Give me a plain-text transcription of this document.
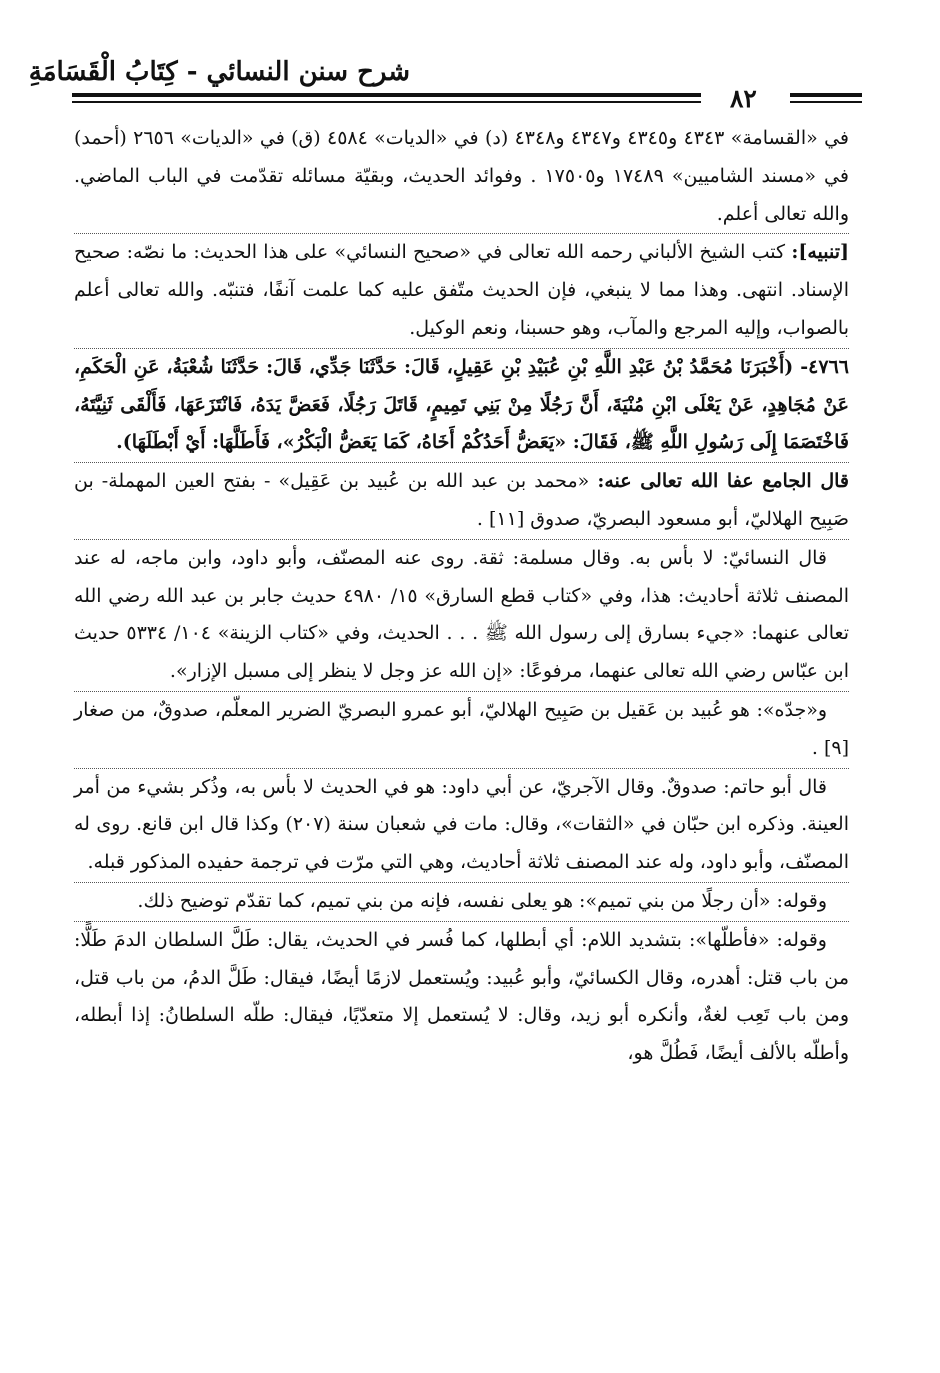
شرح سنن النسائي - كِتَابُ الْقَسَامَةِ
٨٢

في «القسامة» ٤٣٤٣ و٤٣٤٥ و٤٣٤٧ و٤٣٤٨ (د) في «الديات» ٤٥٨٤ (ق) في «الديات» ٢٦٥٦ (أحمد) في «مسند الشاميين» ١٧٤٨٩ و١٧٥٠٥ . وفوائد الحديث، وبقيّة مسائله تقدّمت في الباب الماضي. والله تعالى أعلم.

[تنبيه]: كتب الشيخ الألباني رحمه الله تعالى في «صحيح النسائي» على هذا الحديث: ما نصّه: صحيح الإسناد. انتهى. وهذا مما لا ينبغي، فإن الحديث متّفق عليه كما علمت آنفًا، فتنبّه. والله تعالى أعلم بالصواب، وإليه المرجع والمآب، وهو حسبنا، ونعم الوكيل.

٤٧٦٦- (أَخْبَرَنَا مُحَمَّدُ بْنُ عَبْدِ اللَّهِ بْنِ عُبَيْدِ بْنِ عَقِيلٍ، قَالَ: حَدَّثَنَا جَدِّي، قَالَ: حَدَّثَنَا شُعْبَةُ، عَنِ الْحَكَمِ، عَنْ مُجَاهِدٍ، عَنْ يَعْلَى ابْنِ مُنْيَةَ، أَنَّ رَجُلًا مِنْ بَنِي تَمِيمٍ، قَاتَلَ رَجُلًا، فَعَضَّ يَدَهُ، فَانْتَزَعَهَا، فَأَلْقَى ثَنِيَّتَهُ، فَاخْتَصَمَا إِلَى رَسُولِ اللَّهِ ﷺ، فَقَالَ: «يَعَضُّ أَحَدُكُمْ أَخَاهُ، كَمَا يَعَضُّ الْبَكْرُ»، فَأَطَلَّهَا: أَيْ أَبْطَلَهَا).

قال الجامع عفا الله تعالى عنه: «محمد بن عبد الله بن عُبيد بن عَقِيل» - بفتح العين المهملة- بن صَبِيح الهلاليّ، أبو مسعود البصريّ، صدوق [١١] .

قال النسائيّ: لا بأس به. وقال مسلمة: ثقة. روى عنه المصنّف، وأبو داود، وابن ماجه، له عند المصنف ثلاثة أحاديث: هذا، وفي «كتاب قطع السارق» ١٥/ ٤٩٨٠ حديث جابر بن عبد الله رضي الله تعالى عنهما: «جيء بسارق إلى رسول الله ﷺ . . . الحديث، وفي «كتاب الزينة» ١٠٤/ ٥٣٣٤ حديث ابن عبّاس رضي الله تعالى عنهما، مرفوعًا: «إن الله عز وجل لا ينظر إلى مسبل الإزار».

و«جدّه»: هو عُبيد بن عَقيل بن صَبِيح الهلاليّ، أبو عمرو البصريّ الضرير المعلّم، صدوقٌ، من صغار [٩] .

قال أبو حاتم: صدوقٌ. وقال الآجريّ، عن أبي داود: هو في الحديث لا بأس به، وذُكر بشيء من أمر العينة. وذكره ابن حبّان في «الثقات»، وقال: مات في شعبان سنة (٢٠٧) وكذا قال ابن قانع. روى له المصنّف، وأبو داود، وله عند المصنف ثلاثة أحاديث، وهي التي مرّت في ترجمة حفيده المذكور قبله.

وقوله: «أن رجلًا من بني تميم»: هو يعلى نفسه، فإنه من بني تميم، كما تقدّم توضيح ذلك.

وقوله: «فأطلّها»: بتشديد اللام: أي أبطلها، كما فُسر في الحديث، يقال: طَلَّ السلطان الدمَ طَلًّا: من باب قتل: أهدره، وقال الكسائيّ، وأبو عُبيد: ويُستعمل لازمًا أيضًا، فيقال: طَلَّ الدمُ، من باب قتل، ومن باب تَعِب لغةٌ، وأنكره أبو زيد، وقال: لا يُستعمل إلا متعدّيًا، فيقال: طلّه السلطانُ: إذا أبطله، وأطلّه بالألف أيضًا، فَطُلَّ هو،
